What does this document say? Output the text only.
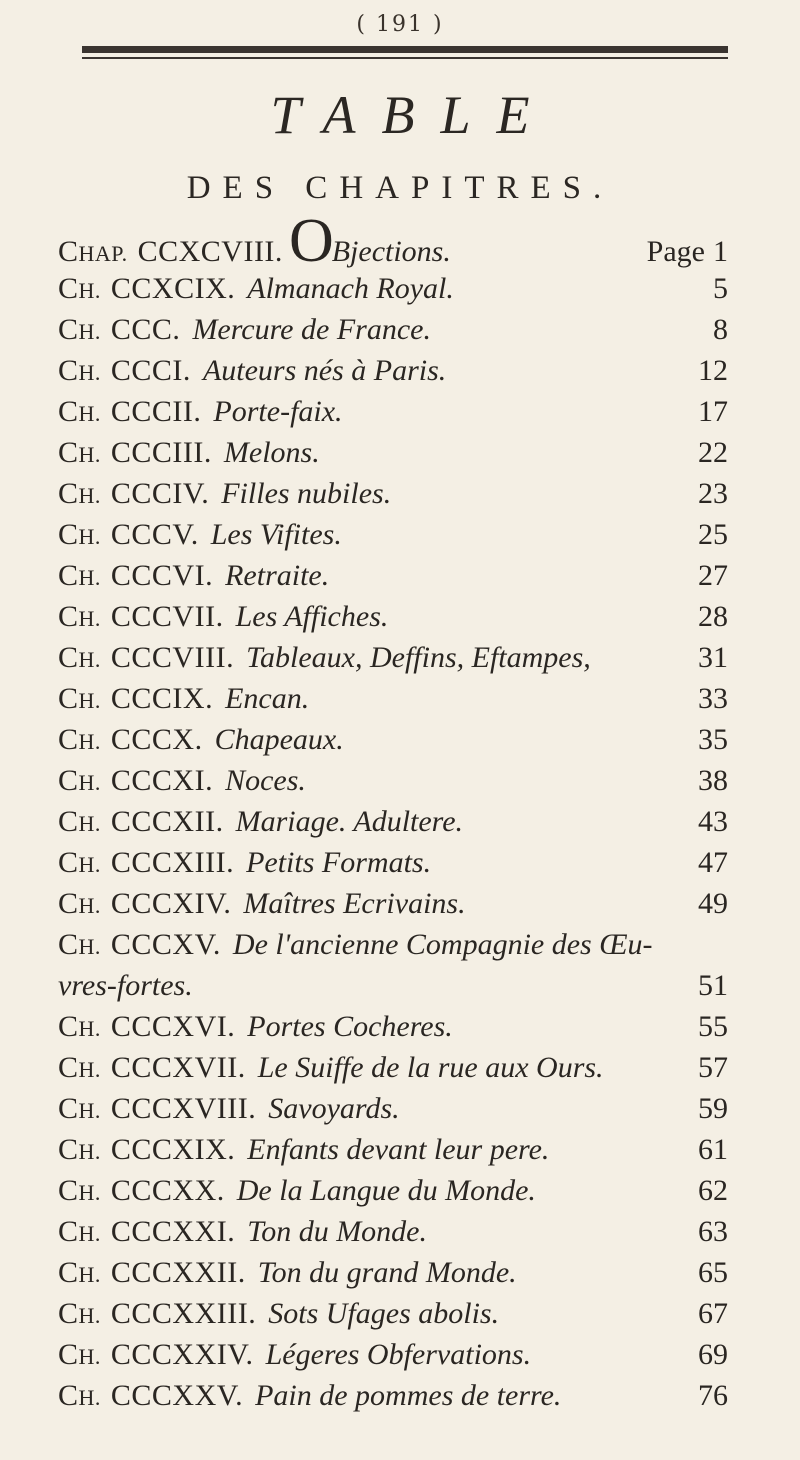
( 191 )
TABLE
DES CHAPITRES.
CHAP. CCXCVIII. O
Bjections.	Page 1
CH. CCXCIX. Almanach Royal.	5
CH. CCC. Mercure de France.	8
CH. CCCI. Auteurs nés à Paris.	12
CH. CCCII. Porte-faix.	17
CH. CCCIII. Melons.	22
CH. CCCIV. Filles nubiles.	23
CH. CCCV. Les Vifites.	25
CH. CCCVI. Retraite.	27
CH. CCCVII. Les Affiches.	28
CH. CCCVIII. Tableaux, Deffins, Eftampes,	31
CH. CCCIX. Encan.	33
CH. CCCX. Chapeaux.	35
CH. CCCXI. Noces.	38
CH. CCCXII. Mariage. Adultere.	43
CH. CCCXIII. Petits Formats.	47
CH. CCCXIV. Maîtres Ecrivains.	49
CH. CCCXV. De l'ancienne Compagnie des Œu-
vres-fortes.	51
CH. CCCXVI. Portes Cocheres.	55
CH. CCCXVII. Le Suiffe de la rue aux Ours.	57
CH. CCCXVIII. Savoyards.	59
CH. CCCXIX. Enfants devant leur pere.	61
CH. CCCXX. De la Langue du Monde.	62
CH. CCCXXI. Ton du Monde.	63
CH. CCCXXII. Ton du grand Monde.	65
CH. CCCXXIII. Sots Ufages abolis.	67
CH. CCCXXIV. Légeres Obfervations.	69
CH. CCCXXV. Pain de pommes de terre.	76
